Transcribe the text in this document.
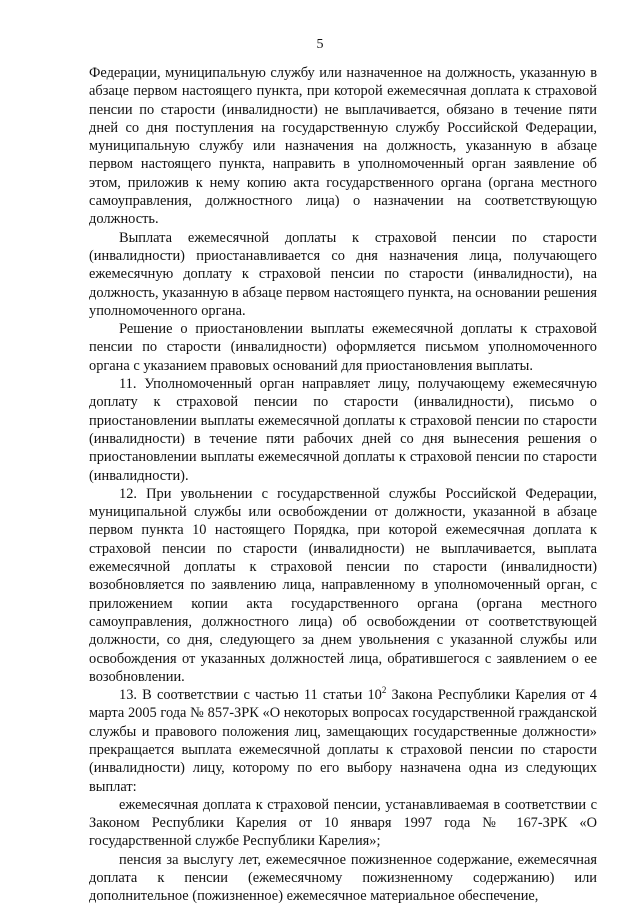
5

Федерации, муниципальную службу или назначенное на должность, указанную в абзаце первом настоящего пункта, при которой ежемесячная доплата к страховой пенсии по старости (инвалидности) не выплачивается, обязано в течение пяти дней со дня поступления на государственную службу Российской Федерации, муниципальную службу или назначения на должность, указанную в абзаце первом настоящего пункта, направить в уполномоченный орган заявление об этом, приложив к нему копию акта государственного органа (органа местного самоуправления, должностного лица) о назначении на соответствующую должность.

Выплата ежемесячной доплаты к страховой пенсии по старости (инвалидности) приостанавливается со дня назначения лица, получающего ежемесячную доплату к страховой пенсии по старости (инвалидности), на должность, указанную в абзаце первом настоящего пункта, на основании решения уполномоченного органа.

Решение о приостановлении выплаты ежемесячной доплаты к страховой пенсии по старости (инвалидности) оформляется письмом уполномоченного органа с указанием правовых оснований для приостановления выплаты.

11. Уполномоченный орган направляет лицу, получающему ежемесячную доплату к страховой пенсии по старости (инвалидности), письмо о приостановлении выплаты ежемесячной доплаты к страховой пенсии по старости (инвалидности) в течение пяти рабочих дней со дня вынесения решения о приостановлении выплаты ежемесячной доплаты к страховой пенсии по старости (инвалидности).

12. При увольнении с государственной службы Российской Федерации, муниципальной службы или освобождении от должности, указанной в абзаце первом пункта 10 настоящего Порядка, при которой ежемесячная доплата к страховой пенсии по старости (инвалидности) не выплачивается, выплата ежемесячной доплаты к страховой пенсии по старости (инвалидности) возобновляется по заявлению лица, направленному в уполномоченный орган, с приложением копии акта государственного органа (органа местного самоуправления, должностного лица) об освобождении от соответствующей должности, со дня, следующего за днем увольнения с указанной службы или освобождения от указанных должностей лица, обратившегося с заявлением о ее возобновлении.

13. В соответствии с частью 11 статьи $10^2$ Закона Республики Карелия от 4 марта 2005 года № 857-ЗРК «О некоторых вопросах государственной гражданской службы и правового положения лиц, замещающих государственные должности» прекращается выплата ежемесячной доплаты к страховой пенсии по старости (инвалидности) лицу, которому по его выбору назначена одна из следующих выплат:

ежемесячная доплата к страховой пенсии, устанавливаемая в соответствии с Законом Республики Карелия от 10 января 1997 года № 167-ЗРК «О государственной службе Республики Карелия»;

пенсия за выслугу лет, ежемесячное пожизненное содержание, ежемесячная доплата к пенсии (ежемесячному пожизненному содержанию) или дополнительное (пожизненное) ежемесячное материальное обеспечение,
